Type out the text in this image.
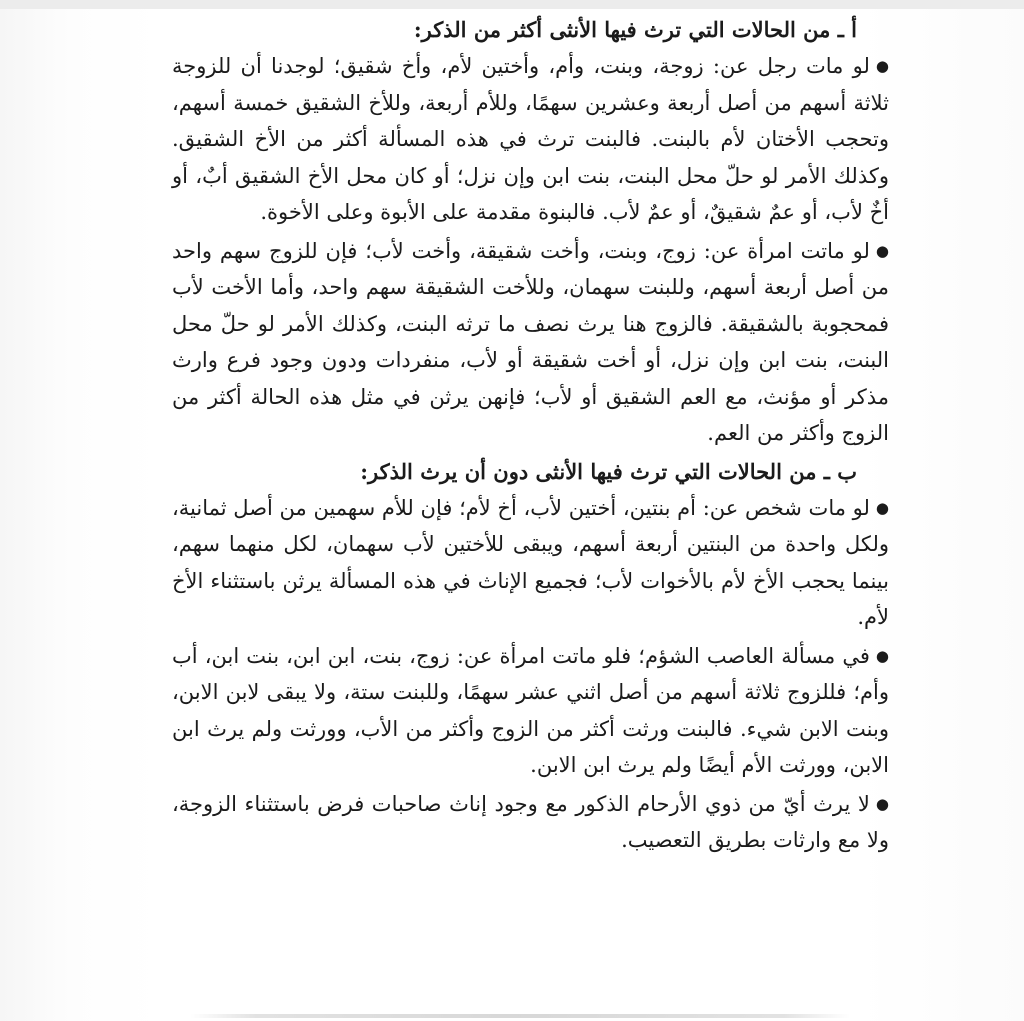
أ ـ من الحالات التي ترث فيها الأنثى أكثر من الذكر:

●لو مات رجل عن: زوجة، وبنت، وأم، وأختين لأم، وأخ شقيق؛ لوجدنا أن للزوجة ثلاثة أسهم من أصل أربعة وعشرين سهمًا، وللأم أربعة، وللأخ الشقيق خمسة أسهم، وتحجب الأختان لأم بالبنت. فالبنت ترث في هذه المسألة أكثر من الأخ الشقيق. وكذلك الأمر لو حلّ محل البنت، بنت ابن وإن نزل؛ أو كان محل الأخ الشقيق أبٌ، أو أخٌ لأب، أو عمٌ شقيقٌ، أو عمٌ لأب. فالبنوة مقدمة على الأبوة وعلى الأخوة.

●لو ماتت امرأة عن: زوج، وبنت، وأخت شقيقة، وأخت لأب؛ فإن للزوج سهم واحد من أصل أربعة أسهم، وللبنت سهمان، وللأخت الشقيقة سهم واحد، وأما الأخت لأب فمحجوبة بالشقيقة. فالزوج هنا يرث نصف ما ترثه البنت، وكذلك الأمر لو حلّ محل البنت، بنت ابن وإن نزل، أو أخت شقيقة أو لأب، منفردات ودون وجود فرع وارث مذكر أو مؤنث، مع العم الشقيق أو لأب؛ فإنهن يرثن في مثل هذه الحالة أكثر من الزوج وأكثر من العم.

ب ـ من الحالات التي ترث فيها الأنثى دون أن يرث الذكر:

●لو مات شخص عن: أم بنتين، أختين لأب، أخ لأم؛ فإن للأم سهمين من أصل ثمانية، ولكل واحدة من البنتين أربعة أسهم، ويبقى للأختين لأب سهمان، لكل منهما سهم، بينما يحجب الأخ لأم بالأخوات لأب؛ فجميع الإناث في هذه المسألة يرثن باستثناء الأخ لأم.

●في مسألة العاصب الشؤم؛ فلو ماتت امرأة عن: زوج، بنت، ابن ابن، بنت ابن، أب وأم؛ فللزوج ثلاثة أسهم من أصل اثني عشر سهمًا، وللبنت ستة، ولا يبقى لابن الابن، وبنت الابن شيء. فالبنت ورثت أكثر من الزوج وأكثر من الأب، وورثت ولم يرث ابن الابن، وورثت الأم أيضًا ولم يرث ابن الابن.

●لا يرث أيّ من ذوي الأرحام الذكور مع وجود إناث صاحبات فرض باستثناء الزوجة، ولا مع وارثات بطريق التعصيب.
